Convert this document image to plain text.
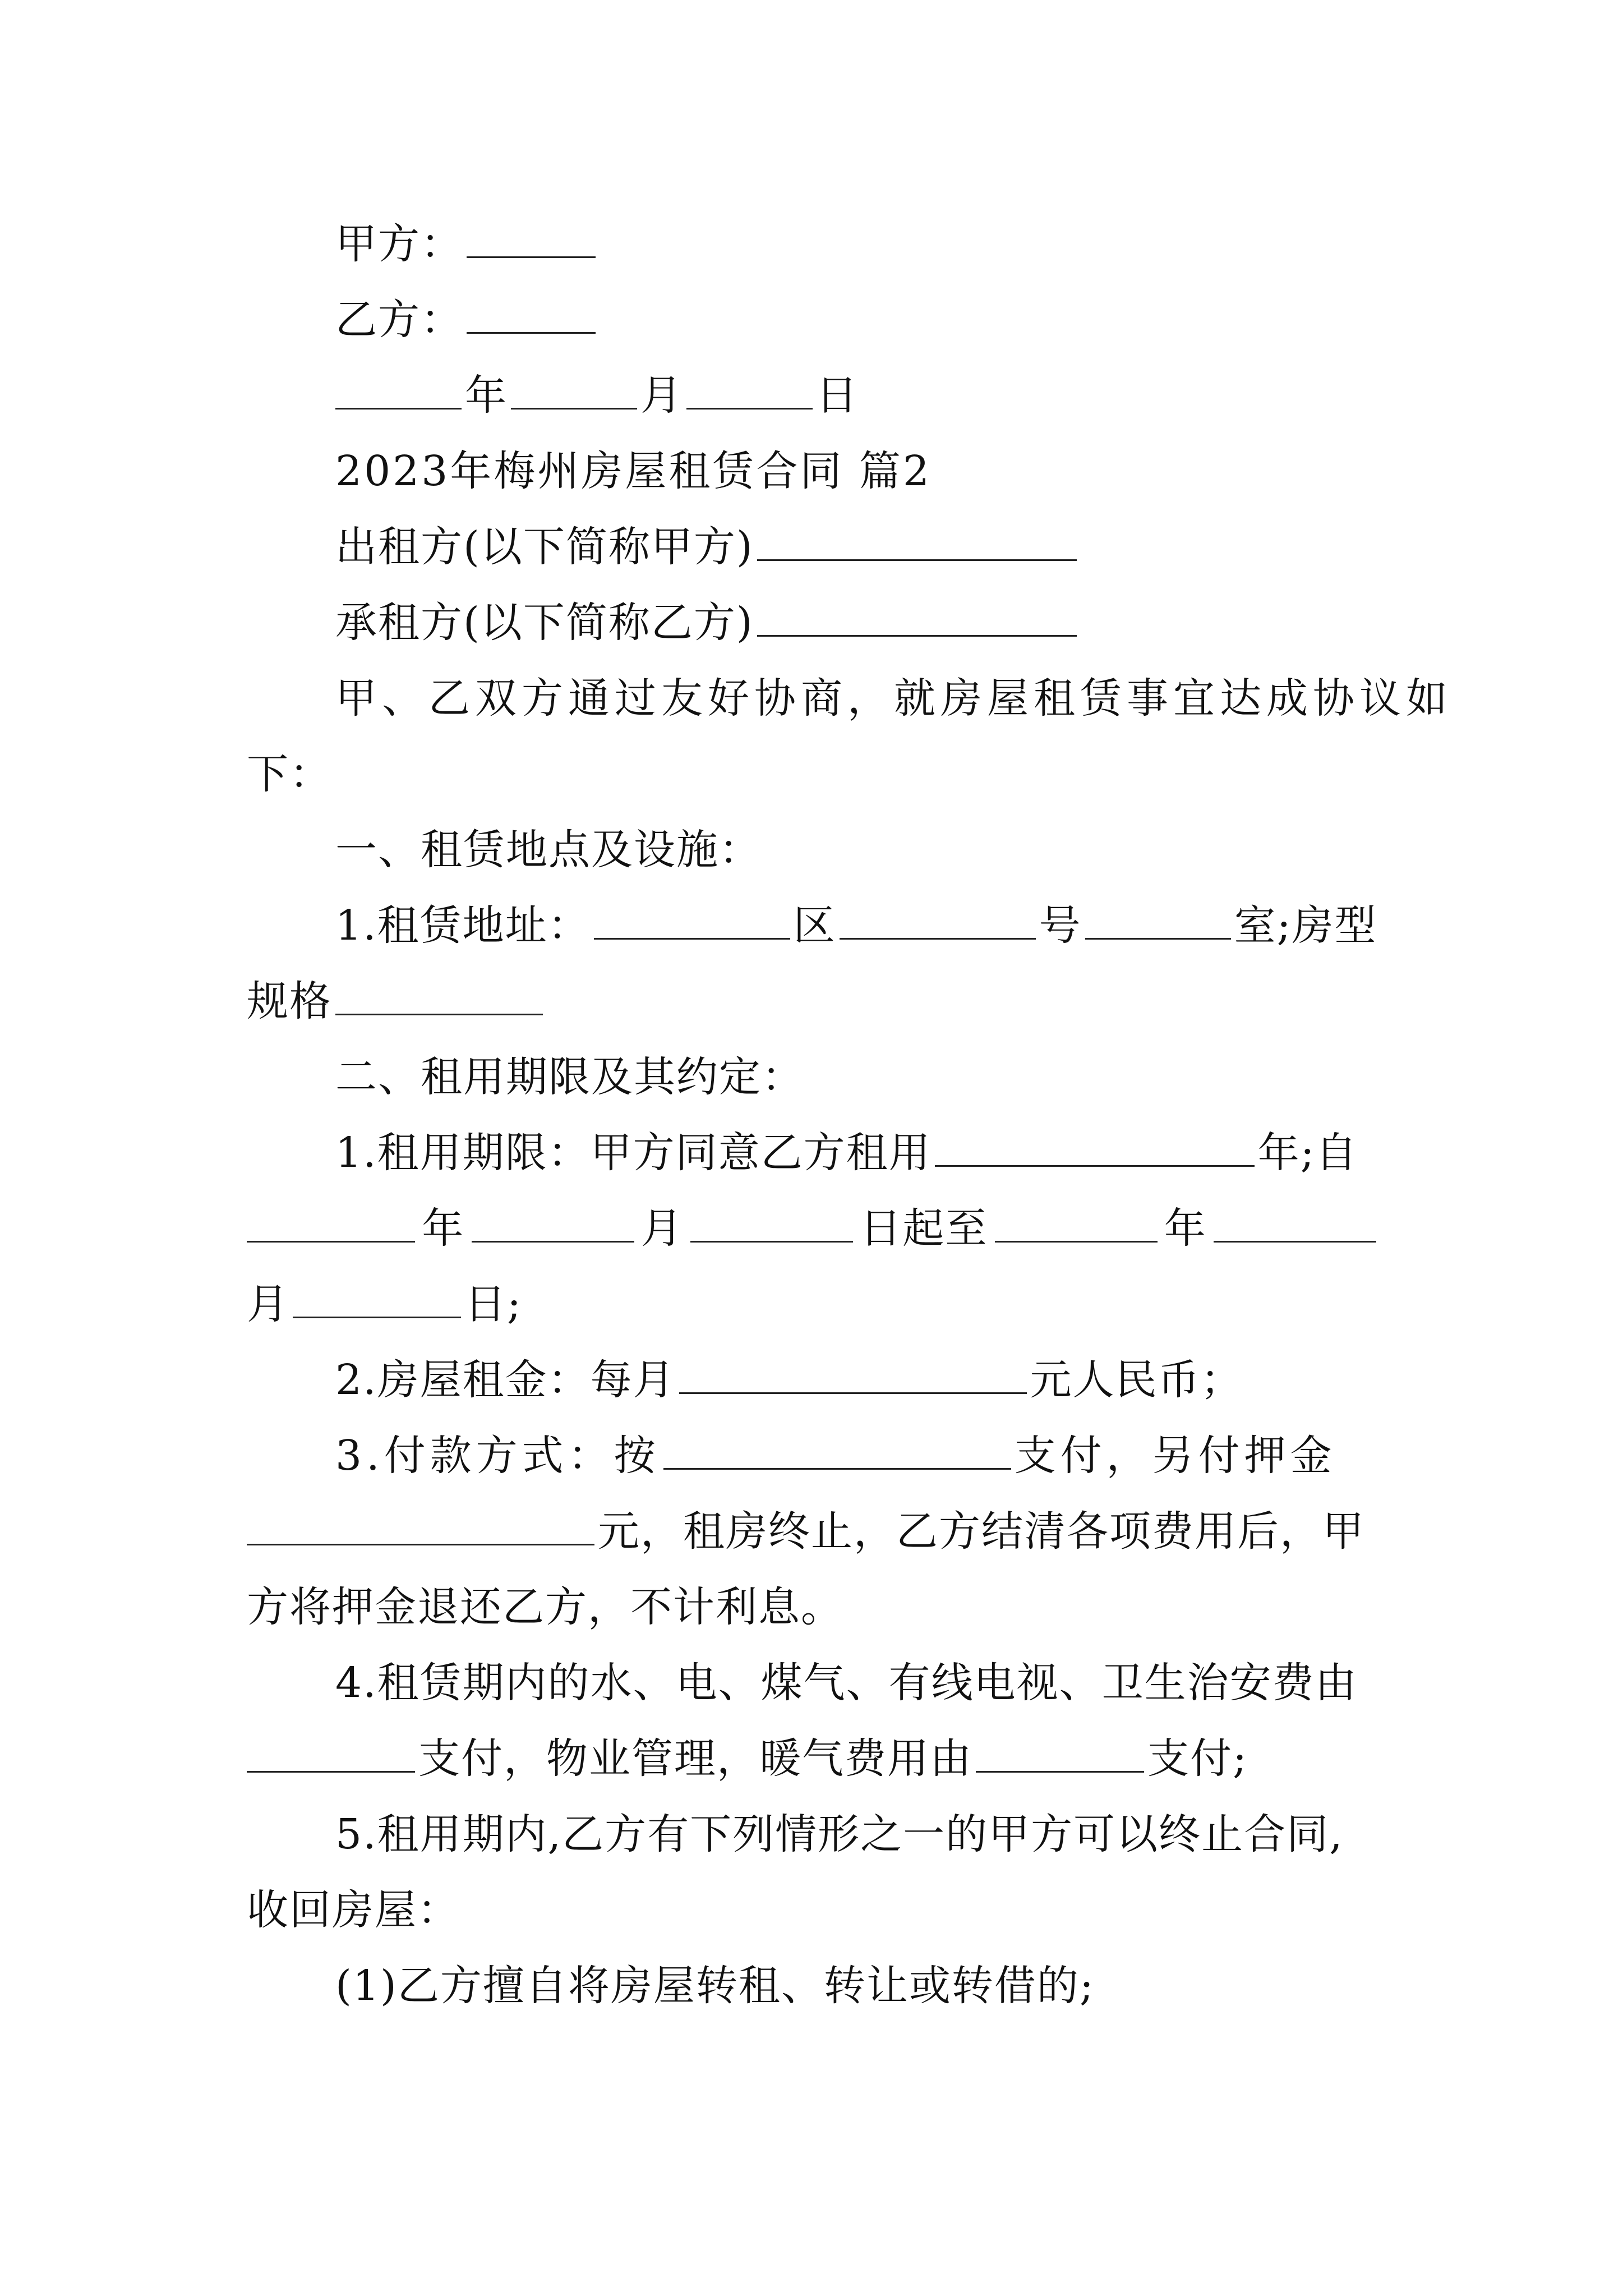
甲方：
乙方：
年	月	日
2023年梅州房屋租赁合同 篇2
出租方(以下简称甲方)
承租方(以下简称乙方)
甲、乙双方通过友好协商，就房屋租赁事宜达成协议如
下：
一、租赁地点及设施：
1.租赁地址：	区	号	室;房型
规格
二、租用期限及其约定：
1.租用期限：甲方同意乙方租用	年;自
年	月	日起至	年
月	日;
2.房屋租金：每月	元人民币；
3.付款方式：按	支付，另付押金
元，租房终止，乙方结清各项费用后，甲
方将押金退还乙方，不计利息。
4.租赁期内的水、电、煤气、有线电视、卫生治安费由
支付，物业管理，暖气费用由	支付;
5.租用期内,乙方有下列情形之一的甲方可以终止合同,
收回房屋：
(1)乙方擅自将房屋转租、转让或转借的;
